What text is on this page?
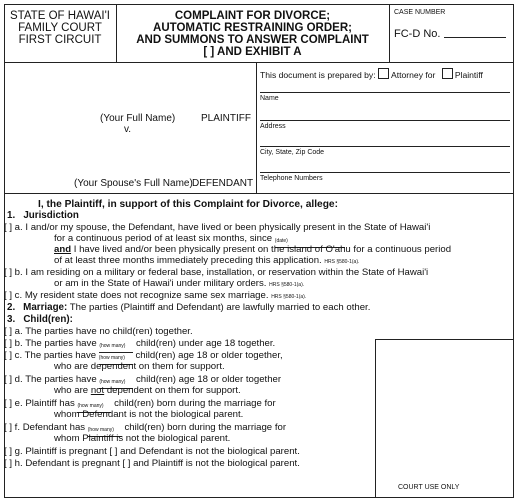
STATE OF HAWAI'I
FAMILY COURT
FIRST CIRCUIT
COMPLAINT FOR DIVORCE;
AUTOMATIC RESTRAINING ORDER;
AND SUMMONS TO ANSWER COMPLAINT
[ ] AND EXHIBIT A
CASE NUMBER
FC-D No.
(Your Full Name)	PLAINTIFF
v.
(Your Spouse's Full Name) DEFENDANT
This document is prepared by: Attorney for Plaintiff
Name
Address
City, State, Zip Code
Telephone Numbers
I, the Plaintiff, in support of this Complaint for Divorce, allege:
1. Jurisdiction
[ ] a. I and/or my spouse, the Defendant, have lived or been physically present in the State of Hawai'i
for a continuous period of at least six months, since (date)
and I have lived and/or been physically present on the island of O'ahu for a continuous period
of at least three months immediately preceding this application. HRS §580-1(a).
[ ] b. I am residing on a military or federal base, installation, or reservation within the State of Hawai'i
or am in the State of Hawai'i under military orders. HRS §580-1(a).
[ ] c. My resident state does not recognize same sex marriage. HRS §580-1(a).
2. Marriage: The parties (Plaintiff and Defendant) are lawfully married to each other.
3. Child(ren):
COURT USE ONLY
[ ] a. The parties have no child(ren) together.
[ ] b. The parties have (how many) child(ren) under age 18 together.
[ ] c. The parties have (how many) child(ren) age 18 or older together,
who are dependent on them for support.
[ ] d. The parties have (how many) child(ren) age 18 or older together
who are not dependent on them for support.
[ ] e. Plaintiff has (how many) child(ren) born during the marriage for
whom Defendant is not the biological parent.
[ ] f. Defendant has (how many) child(ren) born during the marriage for
whom Plaintiff is not the biological parent.
[ ] g. Plaintiff is pregnant [ ] and Defendant is not the biological parent.
[ ] h. Defendant is pregnant [ ] and Plaintiff is not the biological parent.
